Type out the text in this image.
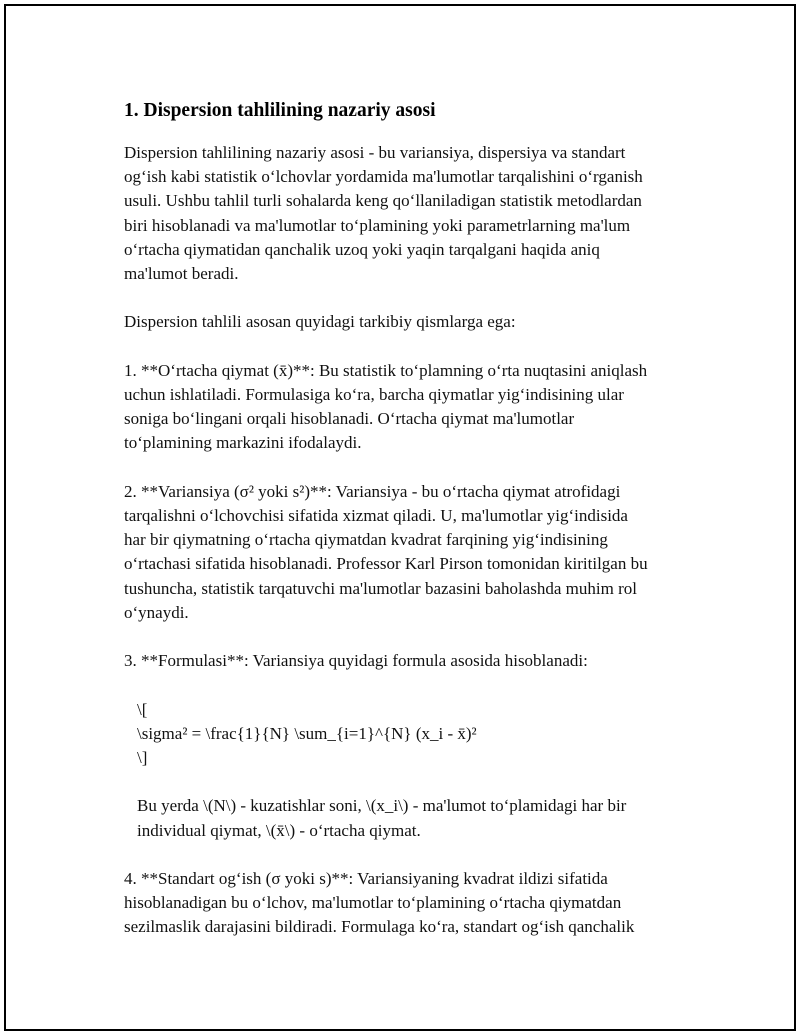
1. Dispersion tahlilining nazariy asosi

Dispersion tahlilining nazariy asosi - bu variansiya, dispersiya va standart
og‘ish kabi statistik o‘lchovlar yordamida ma'lumotlar tarqalishini o‘rganish
usuli. Ushbu tahlil turli sohalarda keng qo‘llaniladigan statistik metodlardan
biri hisoblanadi va ma'lumotlar to‘plamining yoki parametrlarning ma'lum
o‘rtacha qiymatidan qanchalik uzoq yoki yaqin tarqalgani haqida aniq
ma'lumot beradi.

Dispersion tahlili asosan quyidagi tarkibiy qismlarga ega:

1. **O‘rtacha qiymat (x̄)**: Bu statistik to‘plamning o‘rta nuqtasini aniqlash
uchun ishlatiladi. Formulasiga ko‘ra, barcha qiymatlar yig‘indisining ular
soniga bo‘lingani orqali hisoblanadi. O‘rtacha qiymat ma'lumotlar
to‘plamining markazini ifodalaydi.

2. **Variansiya (σ² yoki s²)**: Variansiya - bu o‘rtacha qiymat atrofidagi
tarqalishni o‘lchovchisi sifatida xizmat qiladi. U, ma'lumotlar yig‘indisida
har bir qiymatning o‘rtacha qiymatdan kvadrat farqining yig‘indisining
o‘rtachasi sifatida hisoblanadi. Professor Karl Pirson tomonidan kiritilgan bu
tushuncha, statistik tarqatuvchi ma'lumotlar bazasini baholashda muhim rol
o‘ynaydi.

3. **Formulasi**: Variansiya quyidagi formula asosida hisoblanadi:

\[
\sigma² = \frac{1}{N} \sum_{i=1}^{N} (x_i - x̄)²
\]

Bu yerda \(N\) - kuzatishlar soni, \(x_i\) - ma'lumot to‘plamidagi har bir
individual qiymat, \(x̄\) - o‘rtacha qiymat.

4. **Standart og‘ish (σ yoki s)**: Variansiyaning kvadrat ildizi sifatida
hisoblanadigan bu o‘lchov, ma'lumotlar to‘plamining o‘rtacha qiymatdan
sezilmaslik darajasini bildiradi. Formulaga ko‘ra, standart og‘ish qanchalik
